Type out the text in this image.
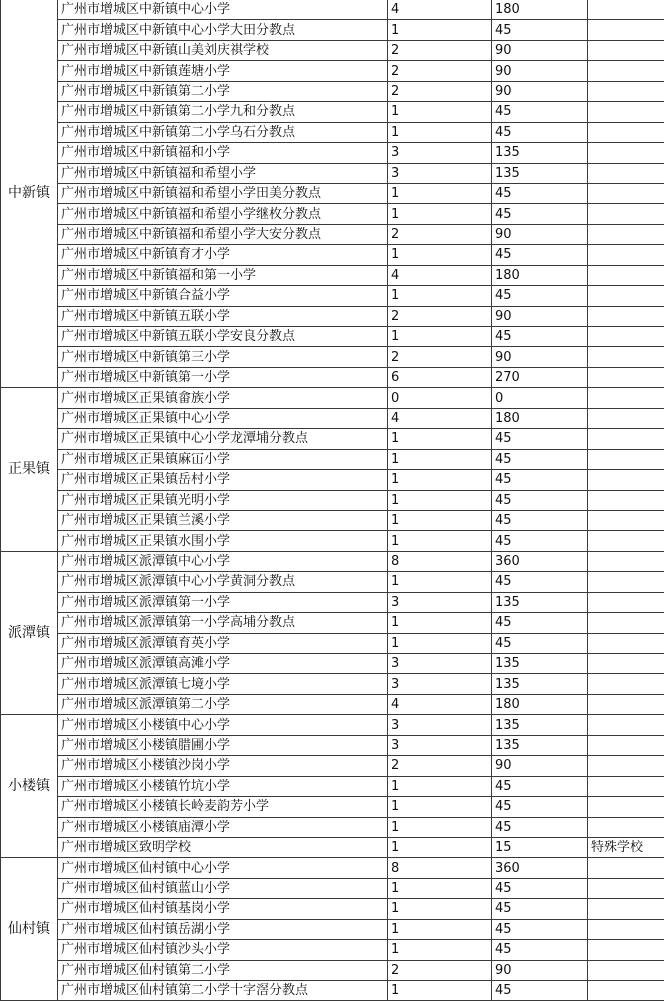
中新镇	广州市增城区中新镇中心小学	4	180	
	广州市增城区中新镇中心小学大田分教点	1	45	
	广州市增城区中新镇山美刘庆祺学校	2	90	
	广州市增城区中新镇莲塘小学	2	90	
	广州市增城区中新镇第二小学	2	90	
	广州市增城区中新镇第二小学九和分教点	1	45	
	广州市增城区中新镇第二小学乌石分教点	1	45	
	广州市增城区中新镇福和小学	3	135	
	广州市增城区中新镇福和希望小学	3	135	
	广州市增城区中新镇福和希望小学田美分教点	1	45	
	广州市增城区中新镇福和希望小学继枚分教点	1	45	
	广州市增城区中新镇福和希望小学大安分教点	2	90	
	广州市增城区中新镇育才小学	1	45	
	广州市增城区中新镇福和第一小学	4	180	
	广州市增城区中新镇合益小学	1	45	
	广州市增城区中新镇五联小学	2	90	
	广州市增城区中新镇五联小学安良分教点	1	45	
	广州市增城区中新镇第三小学	2	90	
	广州市增城区中新镇第一小学	6	270	
正果镇	广州市增城区正果镇畲族小学	0	0	
	广州市增城区正果镇中心小学	4	180	
	广州市增城区正果镇中心小学龙潭埔分教点	1	45	
	广州市增城区正果镇麻冚小学	1	45	
	广州市增城区正果镇岳村小学	1	45	
	广州市增城区正果镇光明小学	1	45	
	广州市增城区正果镇兰溪小学	1	45	
	广州市增城区正果镇水围小学	1	45	
派潭镇	广州市增城区派潭镇中心小学	8	360	
	广州市增城区派潭镇中心小学黄洞分教点	1	45	
	广州市增城区派潭镇第一小学	3	135	
	广州市增城区派潭镇第一小学高埔分教点	1	45	
	广州市增城区派潭镇育英小学	1	45	
	广州市增城区派潭镇高滩小学	3	135	
	广州市增城区派潭镇七境小学	3	135	
	广州市增城区派潭镇第二小学	4	180	
小楼镇	广州市增城区小楼镇中心小学	3	135	
	广州市增城区小楼镇腊圃小学	3	135	
	广州市增城区小楼镇沙岗小学	2	90	
	广州市增城区小楼镇竹坑小学	1	45	
	广州市增城区小楼镇长岭麦韵芳小学	1	45	
	广州市增城区小楼镇庙潭小学	1	45	
	广州市增城区致明学校	1	15	特殊学校
仙村镇	广州市增城区仙村镇中心小学	8	360	
	广州市增城区仙村镇蓝山小学	1	45	
	广州市增城区仙村镇基岗小学	1	45	
	广州市增城区仙村镇岳湖小学	1	45	
	广州市增城区仙村镇沙头小学	1	45	
	广州市增城区仙村镇第二小学	2	90	
	广州市增城区仙村镇第二小学十字滘分教点	1	45	
